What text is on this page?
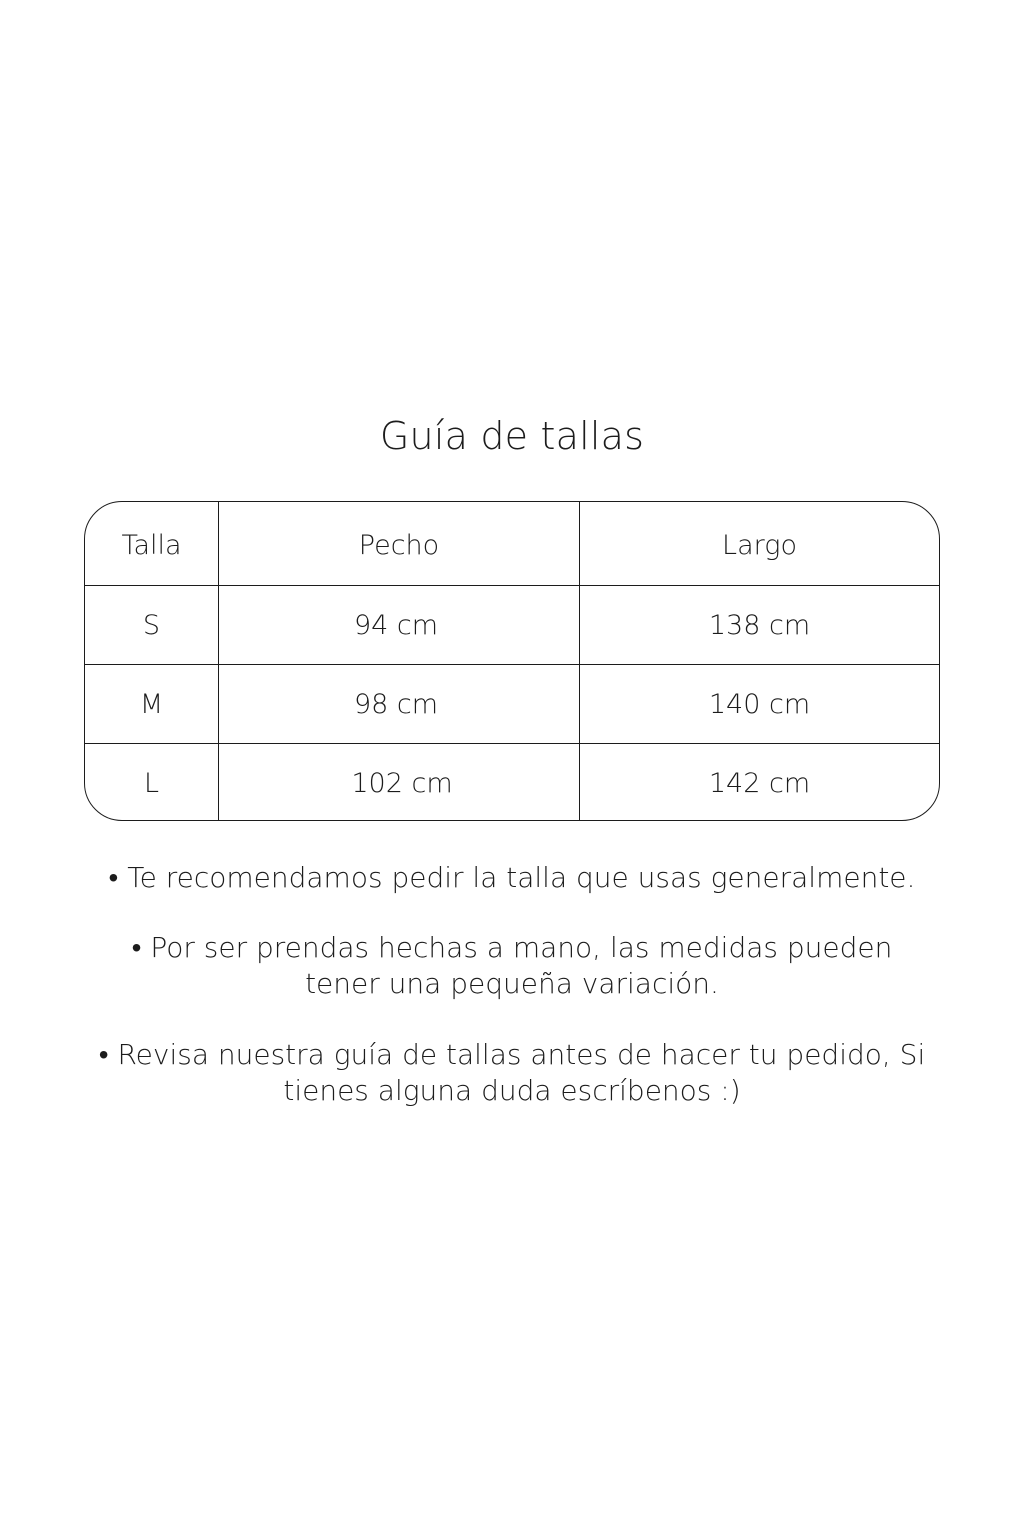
Guía de tallas
Talla	Pecho	Largo
S	94 cm	138 cm
M	98 cm	140 cm
L	102 cm	142 cm
• Te recomendamos pedir la talla que usas generalmente.
• Por ser prendas hechas a mano, las medidas pueden
tener una pequeña variación.
• Revisa nuestra guía de tallas antes de hacer tu pedido, Si
tienes alguna duda escríbenos :)
